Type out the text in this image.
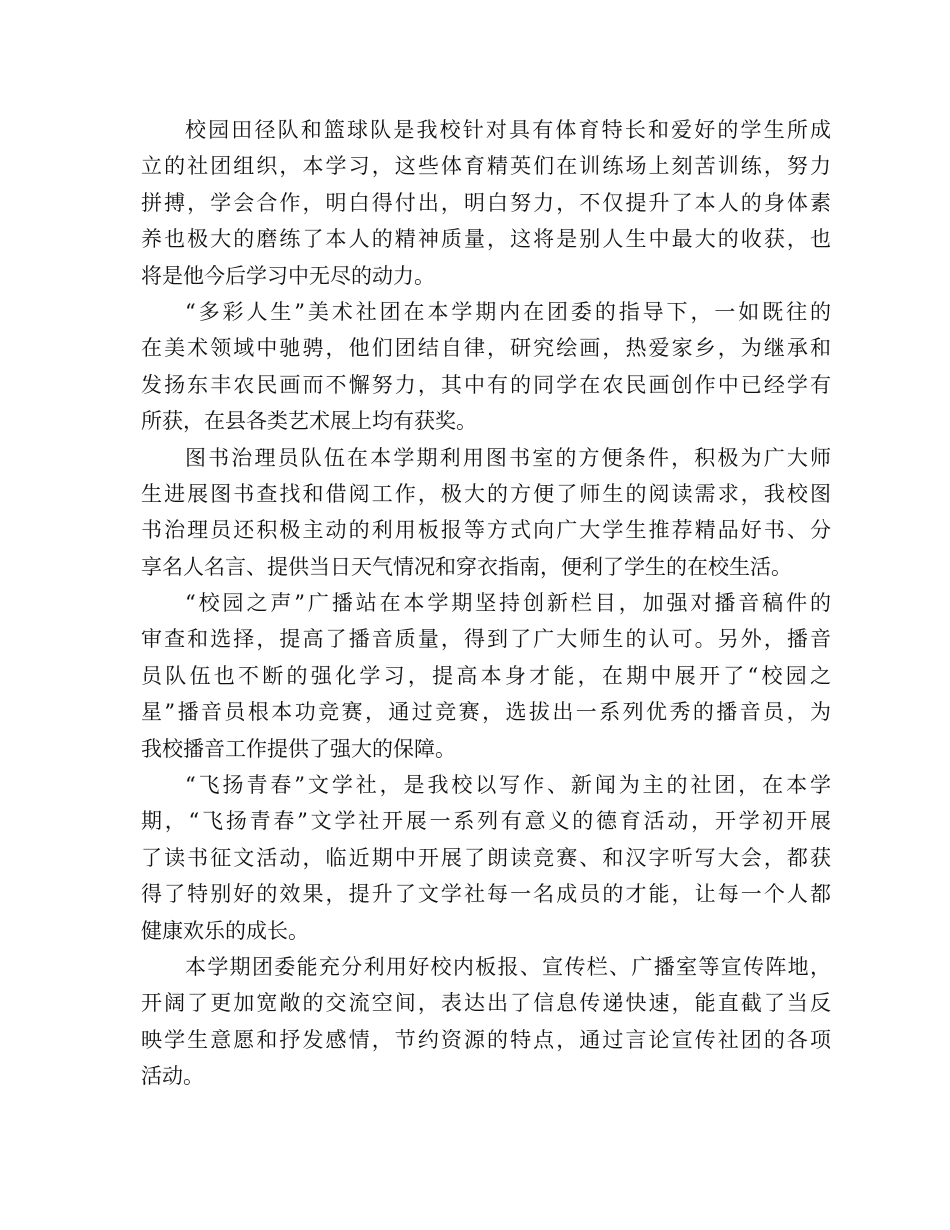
校园田径队和篮球队是我校针对具有体育特长和爱好的学生所成
立的社团组织，本学习，这些体育精英们在训练场上刻苦训练，努力
拼搏，学会合作，明白得付出，明白努力，不仅提升了本人的身体素
养也极大的磨练了本人的精神质量，这将是别人生中最大的收获，也
将是他今后学习中无尽的动力。
“多彩人生”美术社团在本学期内在团委的指导下，一如既往的
在美术领域中驰骋，他们团结自律，研究绘画，热爱家乡，为继承和
发扬东丰农民画而不懈努力，其中有的同学在农民画创作中已经学有
所获，在县各类艺术展上均有获奖。
图书治理员队伍在本学期利用图书室的方便条件，积极为广大师
生进展图书查找和借阅工作，极大的方便了师生的阅读需求，我校图
书治理员还积极主动的利用板报等方式向广大学生推荐精品好书、分
享名人名言、提供当日天气情况和穿衣指南，便利了学生的在校生活。
“校园之声”广播站在本学期坚持创新栏目，加强对播音稿件的
审查和选择，提高了播音质量，得到了广大师生的认可。另外，播音
员队伍也不断的强化学习，提高本身才能，在期中展开了“校园之
星”播音员根本功竞赛，通过竞赛，选拔出一系列优秀的播音员，为
我校播音工作提供了强大的保障。
“飞扬青春”文学社，是我校以写作、新闻为主的社团，在本学
期，“飞扬青春”文学社开展一系列有意义的德育活动，开学初开展
了读书征文活动，临近期中开展了朗读竞赛、和汉字听写大会，都获
得了特别好的效果，提升了文学社每一名成员的才能，让每一个人都
健康欢乐的成长。
本学期团委能充分利用好校内板报、宣传栏、广播室等宣传阵地，
开阔了更加宽敞的交流空间，表达出了信息传递快速，能直截了当反
映学生意愿和抒发感情，节约资源的特点，通过言论宣传社团的各项
活动。
